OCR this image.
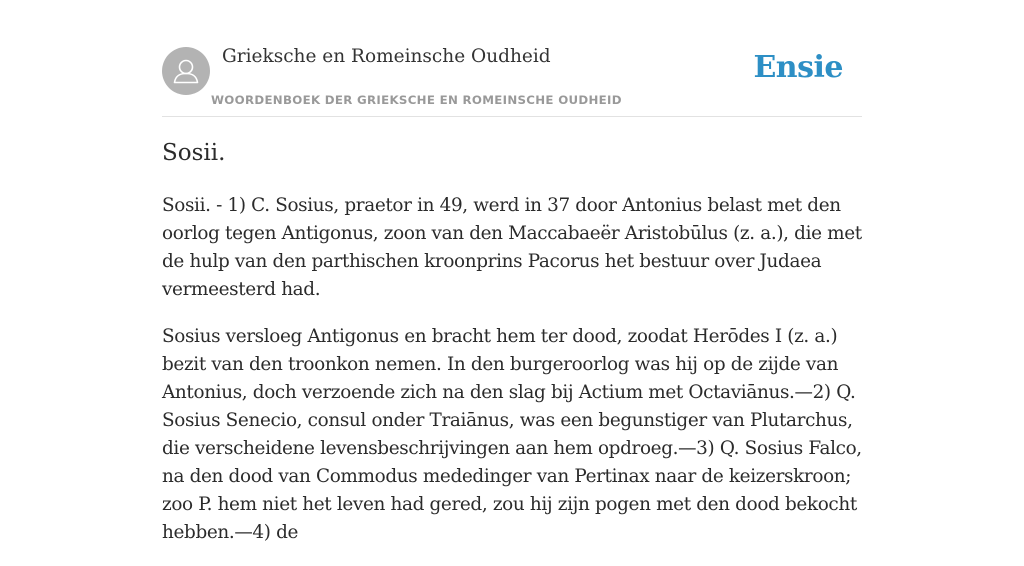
Grieksche en Romeinsche Oudheid
WOORDENBOEK DER GRIEKSCHE EN ROMEINSCHE OUDHEID
Ensie
Sosii.

Sosii. - 1) C. Sosius, praetor in 49, werd in 37 door Antonius belast met den oorlog tegen Antigonus, zoon van den Maccabaeër Aristobūlus (z. a.), die met de hulp van den parthischen kroonprins Pacorus het bestuur over Judaea vermeesterd had.

Sosius versloeg Antigonus en bracht hem ter dood, zoodat Herōdes I (z. a.) bezit van den troonkon nemen. In den burgeroorlog was hij op de zijde van Antonius, doch verzoende zich na den slag bij Actium met Octaviānus.—2) Q. Sosius Senecio, consul onder Traiānus, was een begunstiger van Plutarchus, die verscheidene levensbeschrijvingen aan hem opdroeg.—3) Q. Sosius Falco, na den dood van Commodus mededinger van Pertinax naar de keizerskroon; zoo P. hem niet het leven had gered, zou hij zijn pogen met den dood bekocht hebben.—4) de
